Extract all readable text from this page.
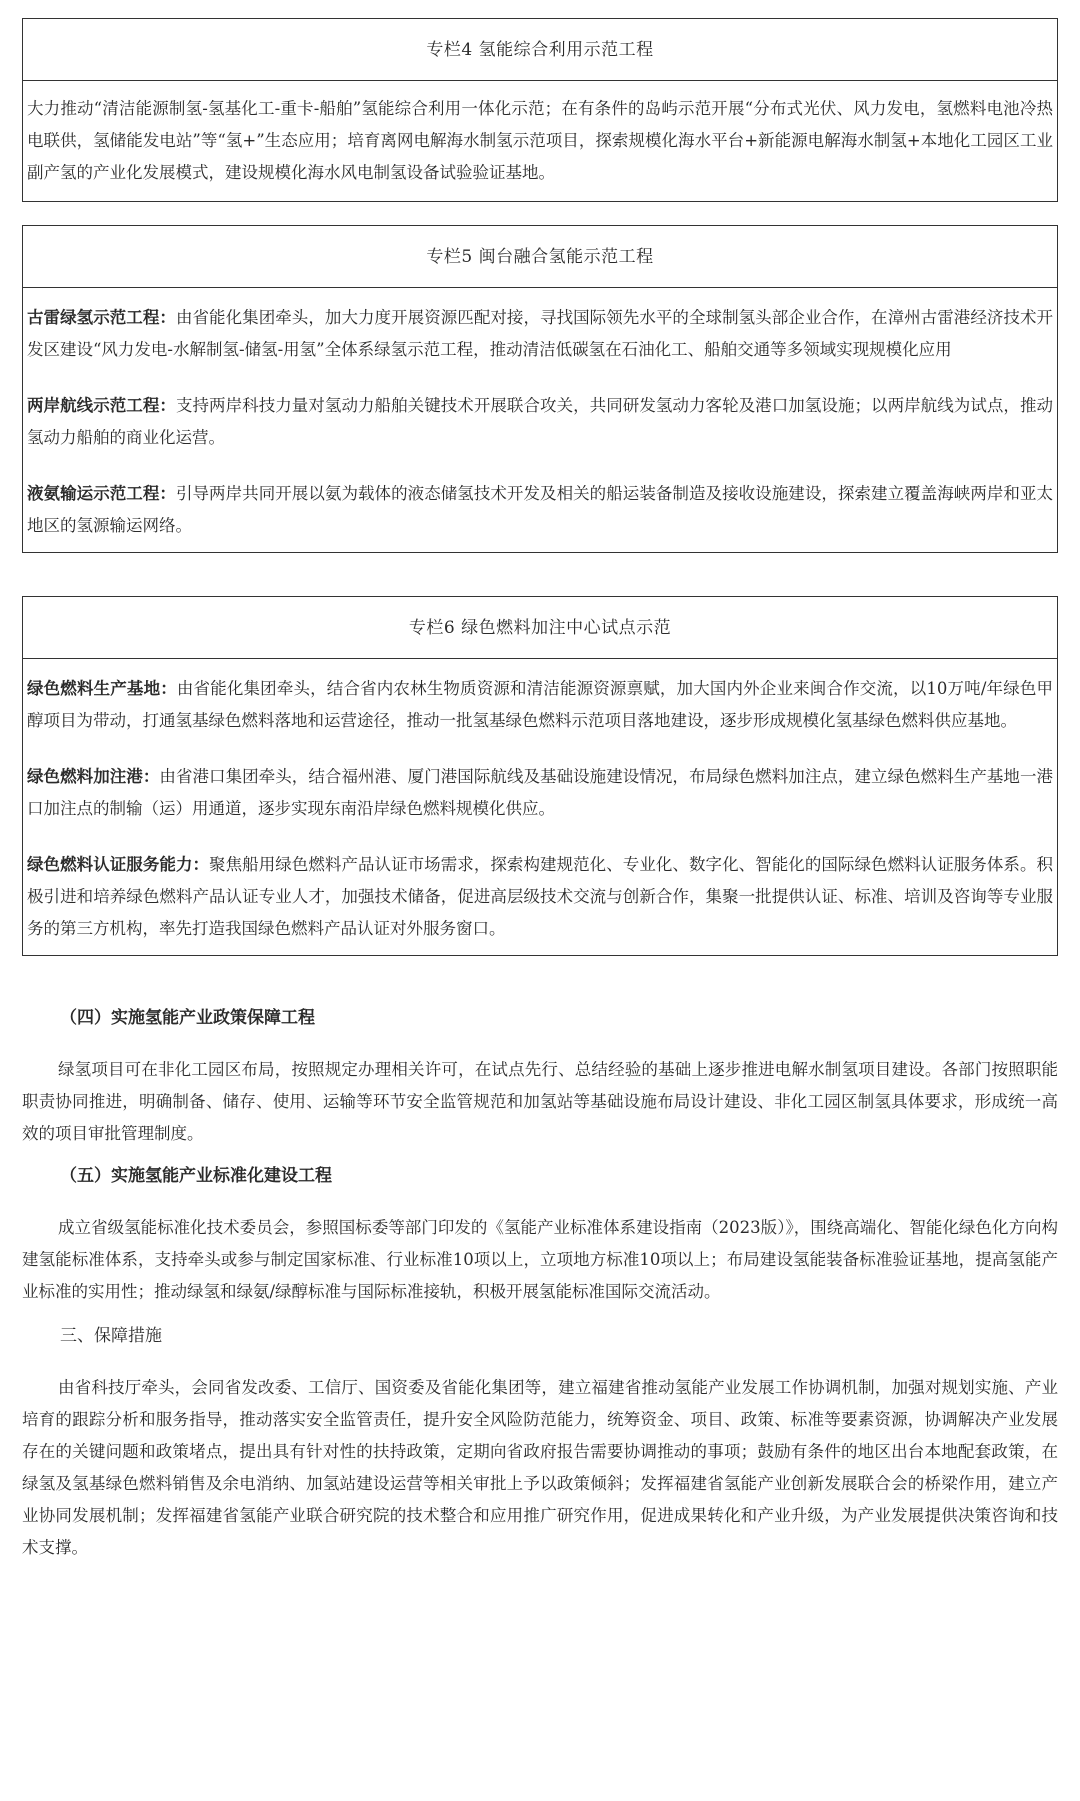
专栏4 氢能综合利用示范工程

大力推动“清洁能源制氢-氢基化工-重卡-船舶”氢能综合利用一体化示范；在有条件的岛屿示范开展“分布式光伏、风力发电，氢燃料电池冷热电联供，氢储能发电站”等“氢+”生态应用；培育离网电解海水制氢示范项目，探索规模化海水平台+新能源电解海水制氢+本地化工园区工业副产氢的产业化发展模式，建设规模化海水风电制氢设备试验验证基地。

专栏5 闽台融合氢能示范工程

古雷绿氢示范工程：由省能化集团牵头，加大力度开展资源匹配对接，寻找国际领先水平的全球制氢头部企业合作，在漳州古雷港经济技术开发区建设“风力发电-水解制氢-储氢-用氢”全体系绿氢示范工程，推动清洁低碳氢在石油化工、船舶交通等多领域实现规模化应用

两岸航线示范工程：支持两岸科技力量对氢动力船舶关键技术开展联合攻关，共同研发氢动力客轮及港口加氢设施；以两岸航线为试点，推动氢动力船舶的商业化运营。

液氨输运示范工程：引导两岸共同开展以氨为载体的液态储氢技术开发及相关的船运装备制造及接收设施建设，探索建立覆盖海峡两岸和亚太地区的氢源输运网络。

专栏6 绿色燃料加注中心试点示范

绿色燃料生产基地：由省能化集团牵头，结合省内农林生物质资源和清洁能源资源禀赋，加大国内外企业来闽合作交流，以10万吨/年绿色甲醇项目为带动，打通氢基绿色燃料落地和运营途径，推动一批氢基绿色燃料示范项目落地建设，逐步形成规模化氢基绿色燃料供应基地。

绿色燃料加注港：由省港口集团牵头，结合福州港、厦门港国际航线及基础设施建设情况，布局绿色燃料加注点，建立绿色燃料生产基地一港口加注点的制输（运）用通道，逐步实现东南沿岸绿色燃料规模化供应。

绿色燃料认证服务能力：聚焦船用绿色燃料产品认证市场需求，探索构建规范化、专业化、数字化、智能化的国际绿色燃料认证服务体系。积极引进和培养绿色燃料产品认证专业人才，加强技术储备，促进高层级技术交流与创新合作，集聚一批提供认证、标准、培训及咨询等专业服务的第三方机构，率先打造我国绿色燃料产品认证对外服务窗口。

（四）实施氢能产业政策保障工程

绿氢项目可在非化工园区布局，按照规定办理相关许可，在试点先行、总结经验的基础上逐步推进电解水制氢项目建设。各部门按照职能职责协同推进，明确制备、储存、使用、运输等环节安全监管规范和加氢站等基础设施布局设计建设、非化工园区制氢具体要求，形成统一高效的项目审批管理制度。

（五）实施氢能产业标准化建设工程

成立省级氢能标准化技术委员会，参照国标委等部门印发的《氢能产业标准体系建设指南（2023版）》，围绕高端化、智能化绿色化方向构建氢能标准体系，支持牵头或参与制定国家标准、行业标准10项以上，立项地方标准10项以上；布局建设氢能装备标准验证基地，提高氢能产业标准的实用性；推动绿氢和绿氨/绿醇标准与国际标准接轨，积极开展氢能标准国际交流活动。

三、保障措施

由省科技厅牵头，会同省发改委、工信厅、国资委及省能化集团等，建立福建省推动氢能产业发展工作协调机制，加强对规划实施、产业培育的跟踪分析和服务指导，推动落实安全监管责任，提升安全风险防范能力，统筹资金、项目、政策、标准等要素资源，协调解决产业发展存在的关键问题和政策堵点，提出具有针对性的扶持政策，定期向省政府报告需要协调推动的事项；鼓励有条件的地区出台本地配套政策，在绿氢及氢基绿色燃料销售及余电消纳、加氢站建设运营等相关审批上予以政策倾斜；发挥福建省氢能产业创新发展联合会的桥梁作用，建立产业协同发展机制；发挥福建省氢能产业联合研究院的技术整合和应用推广研究作用，促进成果转化和产业升级，为产业发展提供决策咨询和技术支撑。
